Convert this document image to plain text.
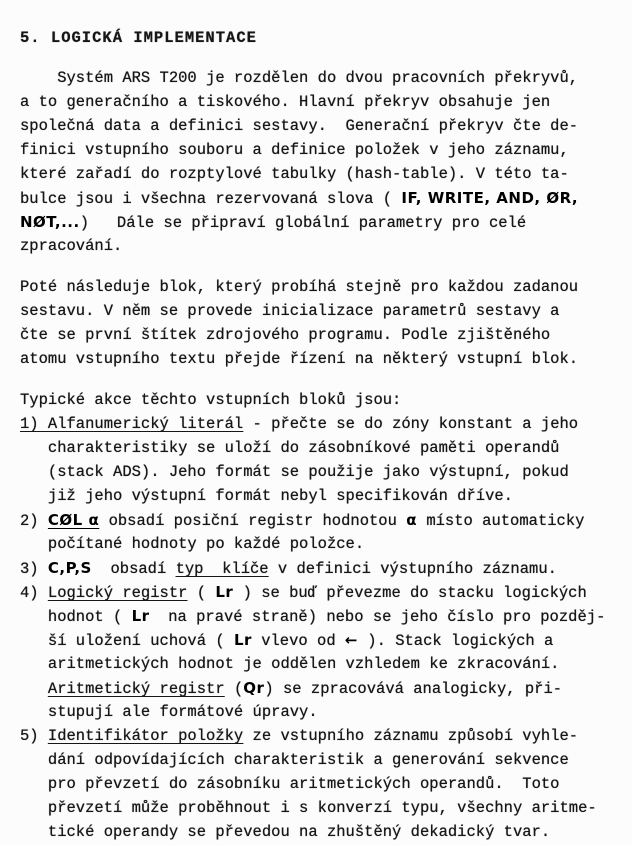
5. LOGICKÁ IMPLEMENTACE
Systém ARS T200 je rozdělen do dvou pracovních překryvů,
a to generačního a tiskového. Hlavní překryv obsahuje jen
společná data a definici sestavy.  Generační překryv čte de-
finici vstupního souboru a definice položek v jeho záznamu,
které zařadí do rozptylové tabulky (hash-table). V této ta-
bulce jsou i všechna rezervovaná slova ( IF, WRITE, AND, ØR,
NØT,...)   Dále se připraví globální parametry pro celé
zpracování.
Poté následuje blok, který probíhá stejně pro každou zadanou
sestavu. V něm se provede inicializace parametrů sestavy a
čte se první štítek zdrojového programu. Podle zjištěného
atomu vstupního textu přejde řízení na některý vstupní blok.
Typické akce těchto vstupních bloků jsou:
1) Alfanumerický literál - přečte se do zóny konstant a jeho
charakteristiky se uloží do zásobníkové paměti operandů
(stack ADS). Jeho formát se použije jako výstupní, pokud
již jeho výstupní formát nebyl specifikován dříve.
2) CØL α obsadí posiční registr hodnotou α místo automaticky
počítané hodnoty po každé položce.
3) C,P,S  obsadí typ  klíče v definici výstupního záznamu.
4) Logický registr ( Lr ) se buď převezme do stacku logických
hodnot ( Lr  na pravé straně) nebo se jeho číslo pro pozděj-
ší uložení uchová ( Lr vlevo od ← ). Stack logických a
aritmetických hodnot je oddělen vzhledem ke zkracování.
Aritmetický registr (Qr) se zpracovává analogicky, při-
stupují ale formátové úpravy.
5) Identifikátor položky ze vstupního záznamu způsobí vyhle-
dání odpovídajících charakteristik a generování sekvence
pro převzetí do zásobníku aritmetických operandů.  Toto
převzetí může proběhnout i s konverzí typu, všechny aritme-
tické operandy se převedou na zhuštěný dekadický tvar.
